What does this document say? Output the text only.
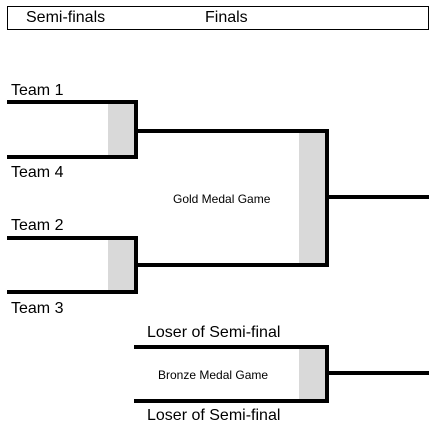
Semi-finals	Finals
Team 1
Team 4
Team 2
Team 3
Gold Medal Game
Bronze Medal Game
Loser of Semi-final
Loser of Semi-final
